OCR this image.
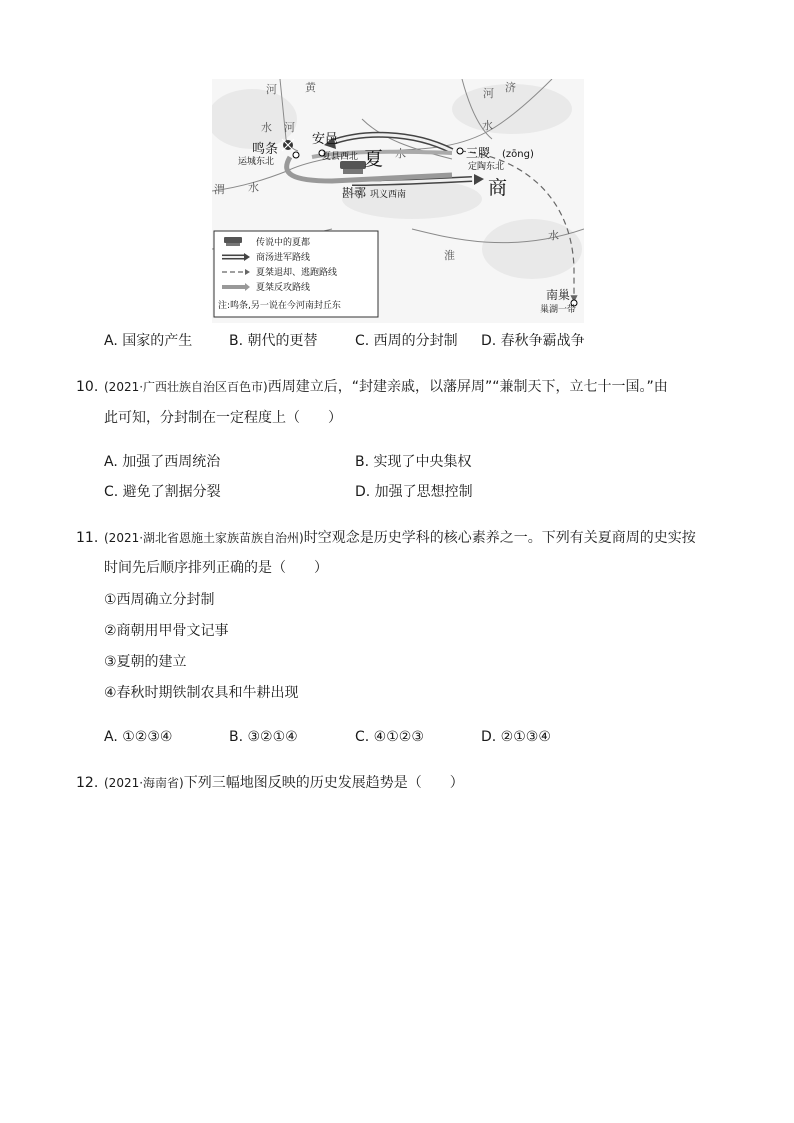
黄
河	河 济
水 河	水
水
渭 水
淮
水
安邑
鸣条
运城东北	夏县西北 夏	三朡 (zōng)
定陶东北
商
斟鄩 巩义西南
南巢
巢湖一带
传说中的夏都
商汤进军路线
夏桀退却、逃跑路线
夏桀反攻路线
注:鸣条,另一说在今河南封丘东
A. 国家的产生	B. 朝代的更替	C. 西周的分封制 D. 春秋争霸战争
10. (2021·广西壮族自治区百色市)西周建立后，“封建亲戚，以藩屏周”“兼制天下，立七十一国。”由
此可知，分封制在一定程度上（　　）
A. 加强了西周统治	B. 实现了中央集权
C. 避免了割据分裂	D. 加强了思想控制
11. (2021·湖北省恩施土家族苗族自治州)时空观念是历史学科的核心素养之一。下列有关夏商周的史实按
时间先后顺序排列正确的是（　　）
①西周确立分封制
②商朝用甲骨文记事
③夏朝的建立
④春秋时期铁制农具和牛耕出现
A. ①②③④	B. ③②①④	C. ④①②③	D. ②①③④
12. (2021·海南省)下列三幅地图反映的历史发展趋势是（　　）
